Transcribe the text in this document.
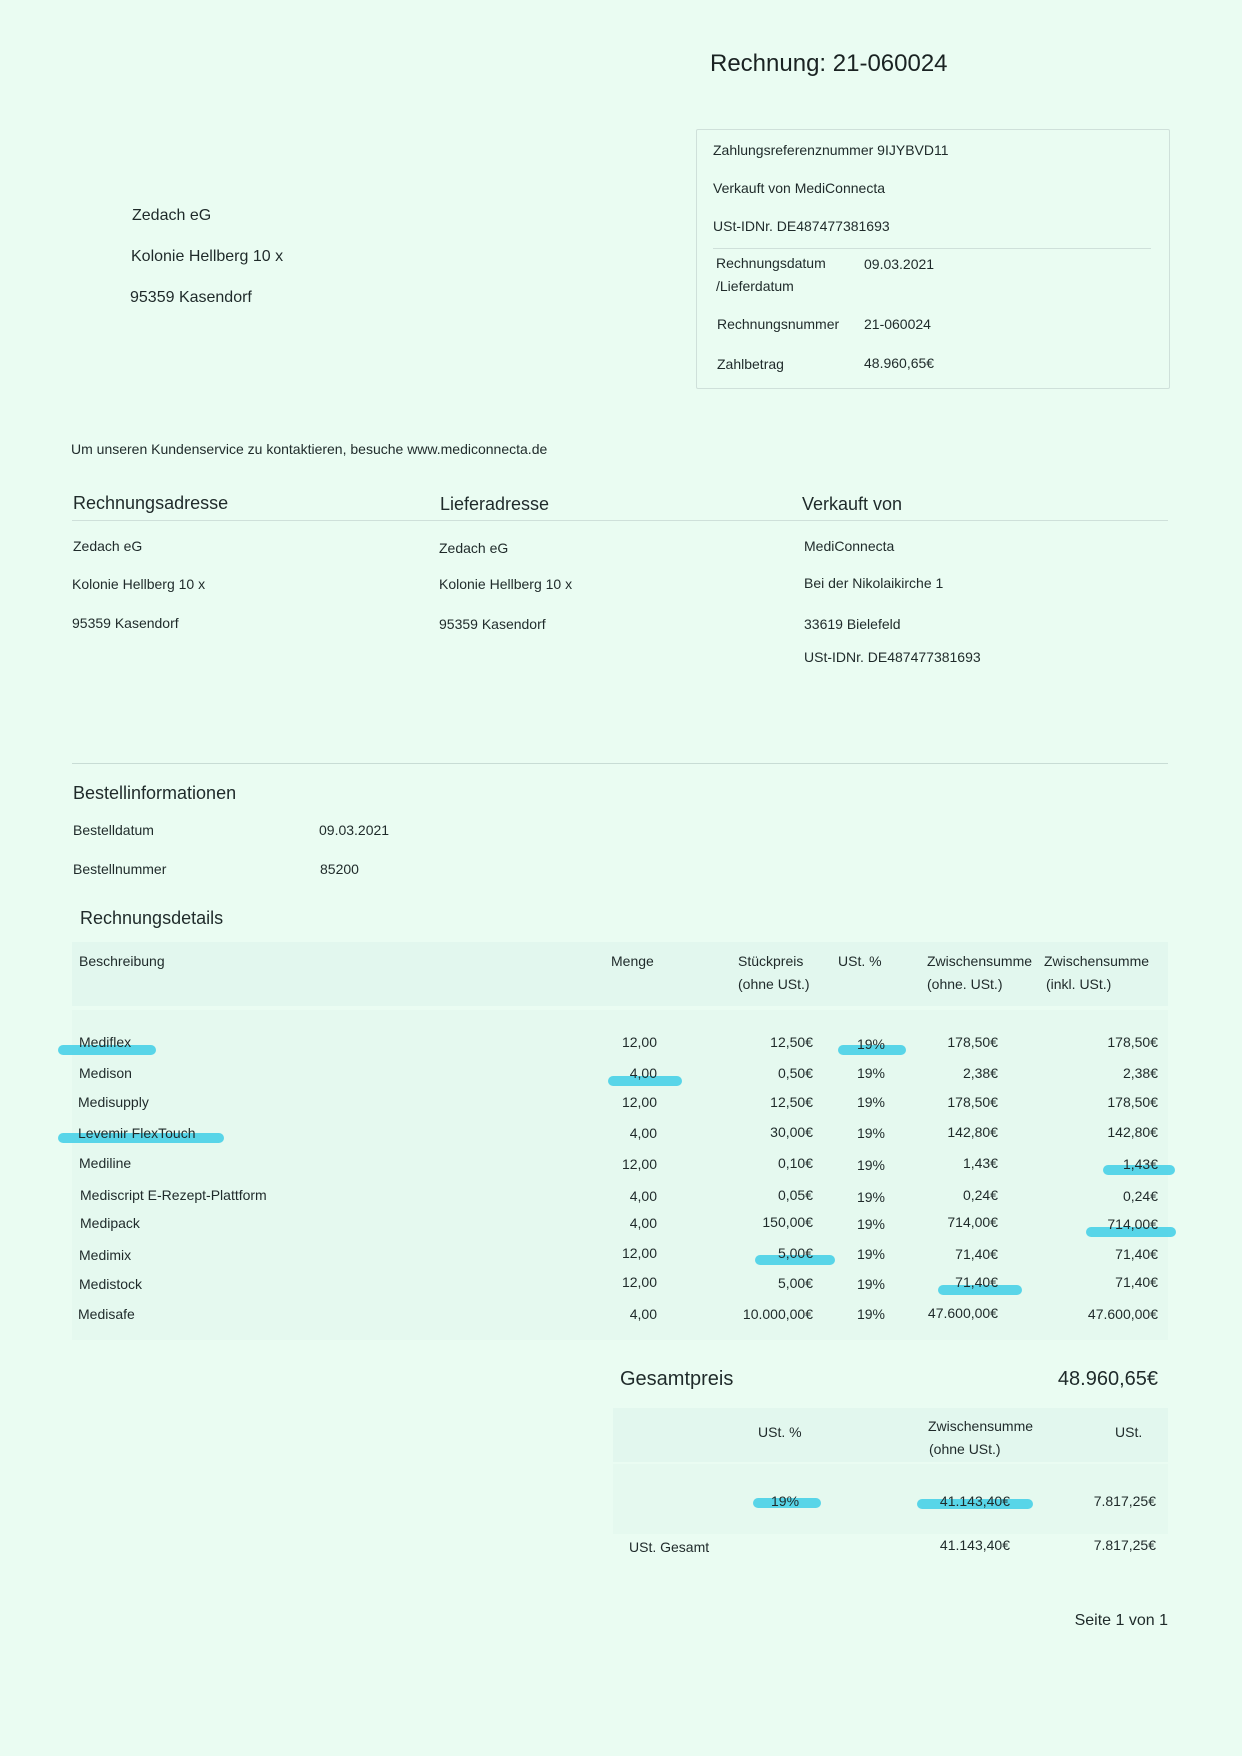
Rechnung: 21-060024
Zedach eG
Kolonie Hellberg 10 x
95359 Kasendorf
Zahlungsreferenznummer 9IJYBVD11
Verkauft von MediConnecta
USt-IDNr. DE487477381693
Rechnungsdatum
/Lieferdatum
09.03.2021
Rechnungsnummer 21-060024
Zahlbetrag	48.960,65€
Um unseren Kundenservice zu kontaktieren, besuche www.mediconnecta.de
Rechnungsadresse	Lieferadresse	Verkauft von
Zedach eG
Kolonie Hellberg 10 x
95359 Kasendorf
Zedach eG
Kolonie Hellberg 10 x
95359 Kasendorf
MediConnecta
Bei der Nikolaikirche 1
33619 Bielefeld
USt-IDNr. DE487477381693
Bestellinformationen
Bestelldatum	09.03.2021
Bestellnummer	85200
Rechnungsdetails
Beschreibung	Menge	Stückpreis
(ohne USt.)
USt. %	Zwischensumme
(ohne. USt.)
Zwischensumme
(inkl. USt.)
Mediflex	12,00	12,50€	19%	178,50€	178,50€
Medison	4,00	0,50€	19%	2,38€	2,38€
Medisupply	12,00	12,50€	19%	178,50€	178,50€
Levemir FlexTouch	4,00	30,00€	19%	142,80€	142,80€
Mediline	12,00	0,10€	19%	1,43€	1,43€
Mediscript E-Rezept-Plattform	4,00	0,05€	19%	0,24€	0,24€
Medipack	4,00	150,00€	19%	714,00€	714,00€
Medimix	12,00	5,00€	19%	71,40€	71,40€
Medistock	12,00	5,00€	19%	71,40€	71,40€
Medisafe	4,00	10.000,00€	19%	47.600,00€	47.600,00€
Gesamtpreis	48.960,65€
USt. %	Zwischensumme
(ohne USt.)
USt.
19%	41.143,40€	7.817,25€
USt. Gesamt	41.143,40€	7.817,25€
Seite 1 von 1
